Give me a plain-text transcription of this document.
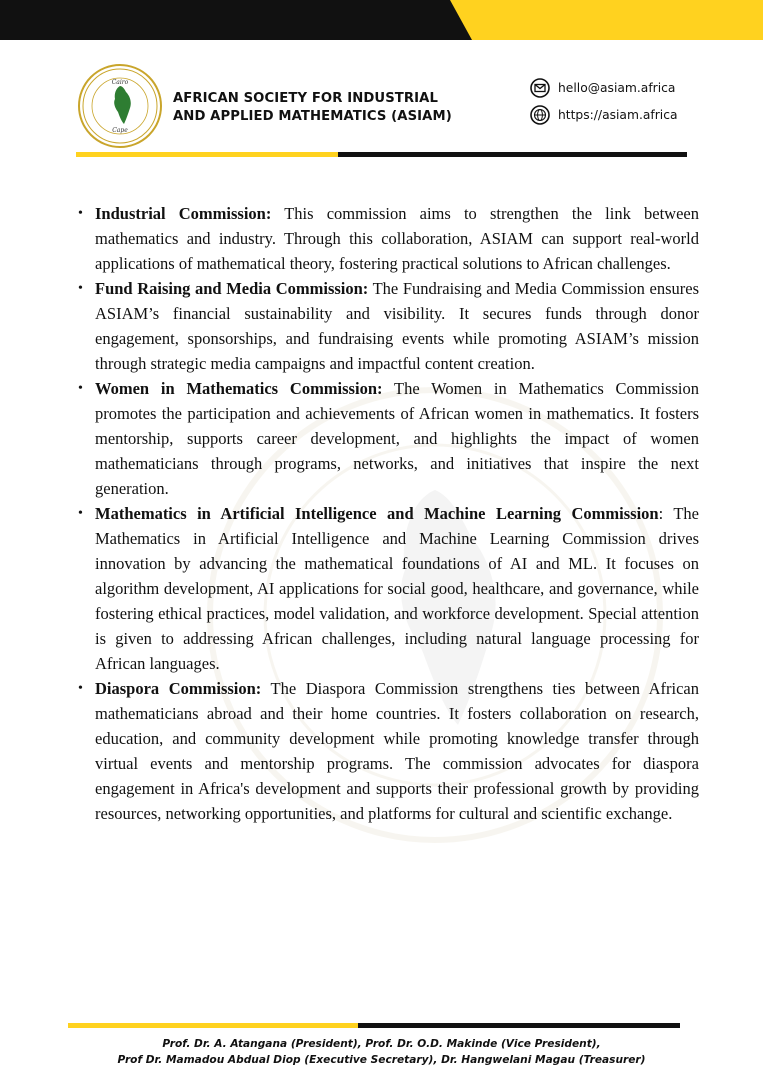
Cairo
Cape
AFRICAN SOCIETY FOR INDUSTRIAL
AND APPLIED MATHEMATICS (ASIAM)
hello@asiam.africa
https://asiam.africa

• Industrial Commission: This commission aims to strengthen the link between mathematics and industry. Through this collaboration, ASIAM can support real-world applications of mathematical theory, fostering practical solutions to African challenges.

• Fund Raising and Media Commission: The Fundraising and Media Commission ensures ASIAM’s financial sustainability and visibility. It secures funds through donor engagement, sponsorships, and fundraising events while promoting ASIAM’s mission through strategic media campaigns and impactful content creation.

• Women in Mathematics Commission: The Women in Mathematics Commission promotes the participation and achievements of African women in mathematics. It fosters mentorship, supports career development, and highlights the impact of women mathematicians through programs, networks, and initiatives that inspire the next generation.

• Mathematics in Artificial Intelligence and Machine Learning Commission: The Mathematics in Artificial Intelligence and Machine Learning Commission drives innovation by advancing the mathematical foundations of AI and ML. It focuses on algorithm development, AI applications for social good, healthcare, and governance, while fostering ethical practices, model validation, and workforce development. Special attention is given to addressing African challenges, including natural language processing for African languages.

• Diaspora Commission: The Diaspora Commission strengthens ties between African mathematicians abroad and their home countries. It fosters collaboration on research, education, and community development while promoting knowledge transfer through virtual events and mentorship programs. The commission advocates for diaspora engagement in Africa's development and supports their professional growth by providing resources, networking opportunities, and platforms for cultural and scientific exchange.

Prof. Dr. A. Atangana (President), Prof. Dr. O.D. Makinde (Vice President),
Prof Dr. Mamadou Abdual Diop (Executive Secretary), Dr. Hangwelani Magau (Treasurer)
